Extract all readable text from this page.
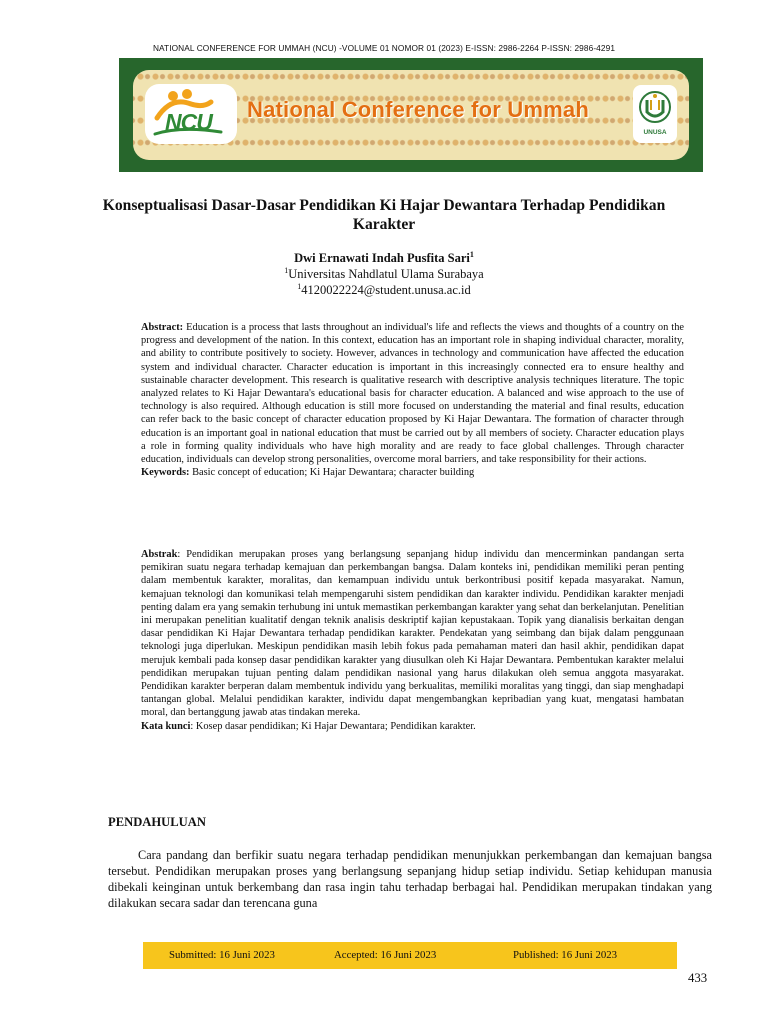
NATIONAL CONFERENCE FOR UMMAH (NCU) -VOLUME 01 NOMOR 01 (2023) E-ISSN: 2986-2264 P-ISSN: 2986-4291
NCU National Conference for Ummah
UNUSA
Konseptualisasi Dasar-Dasar Pendidikan Ki Hajar Dewantara Terhadap Pendidikan Karakter
Dwi Ernawati Indah Pusfita Sari$^1$
$^1$Universitas Nahdlatul Ulama Surabaya
$^1$4120022224@student.unusa.ac.id

Abstract: Education is a process that lasts throughout an individual's life and reflects the views and thoughts of a country on the progress and development of the nation. In this context, education has an important role in shaping individual character, morality, and ability to contribute positively to society. However, advances in technology and communication have affected the education system and individual character. Character education is important in this increasingly connected era to ensure healthy and sustainable character development. This research is qualitative research with descriptive analysis techniques literature. The topic analyzed relates to Ki Hajar Dewantara's educational basis for character education. A balanced and wise approach to the use of technology is also required. Although education is still more focused on understanding the material and final results, education can refer back to the basic concept of character education proposed by Ki Hajar Dewantara. The formation of character through education is an important goal in national education that must be carried out by all members of society. Character education plays a role in forming quality individuals who have high morality and are ready to face global challenges. Through character education, individuals can develop strong personalities, overcome moral barriers, and take responsibility for their actions.

Keywords: Basic concept of education; Ki Hajar Dewantara; character building

Abstrak: Pendidikan merupakan proses yang berlangsung sepanjang hidup individu dan mencerminkan pandangan serta pemikiran suatu negara terhadap kemajuan dan perkembangan bangsa. Dalam konteks ini, pendidikan memiliki peran penting dalam membentuk karakter, moralitas, dan kemampuan individu untuk berkontribusi positif kepada masyarakat. Namun, kemajuan teknologi dan komunikasi telah mempengaruhi sistem pendidikan dan karakter individu. Pendidikan karakter menjadi penting dalam era yang semakin terhubung ini untuk memastikan perkembangan karakter yang sehat dan berkelanjutan. Penelitian ini merupakan penelitian kualitatif dengan teknik analisis deskriptif kajian kepustakaan. Topik yang dianalisis berkaitan dengan dasar pendidikan Ki Hajar Dewantara terhadap pendidikan karakter. Pendekatan yang seimbang dan bijak dalam penggunaan teknologi juga diperlukan. Meskipun pendidikan masih lebih fokus pada pemahaman materi dan hasil akhir, pendidikan dapat merujuk kembali pada konsep dasar pendidikan karakter yang diusulkan oleh Ki Hajar Dewantara. Pembentukan karakter melalui pendidikan merupakan tujuan penting dalam pendidikan nasional yang harus dilakukan oleh semua anggota masyarakat. Pendidikan karakter berperan dalam membentuk individu yang berkualitas, memiliki moralitas yang tinggi, dan siap menghadapi tantangan global. Melalui pendidikan karakter, individu dapat mengembangkan kepribadian yang kuat, mengatasi hambatan moral, dan bertanggung jawab atas tindakan mereka.

Kata kunci: Kosep dasar pendidikan; Ki Hajar Dewantara; Pendidikan karakter.

PENDAHULUAN

Cara pandang dan berfikir suatu negara terhadap pendidikan menunjukkan perkembangan dan kemajuan bangsa tersebut. Pendidikan merupakan proses yang berlangsung sepanjang hidup setiap individu. Setiap kehidupan manusia dibekali keinginan untuk berkembang dan rasa ingin tahu terhadap berbagai hal. Pendidikan merupakan tindakan yang dilakukan secara sadar dan terencana guna

Submitted: 16 Juni 2023	Accepted: 16 Juni 2023	Published: 16 Juni 2023
433
